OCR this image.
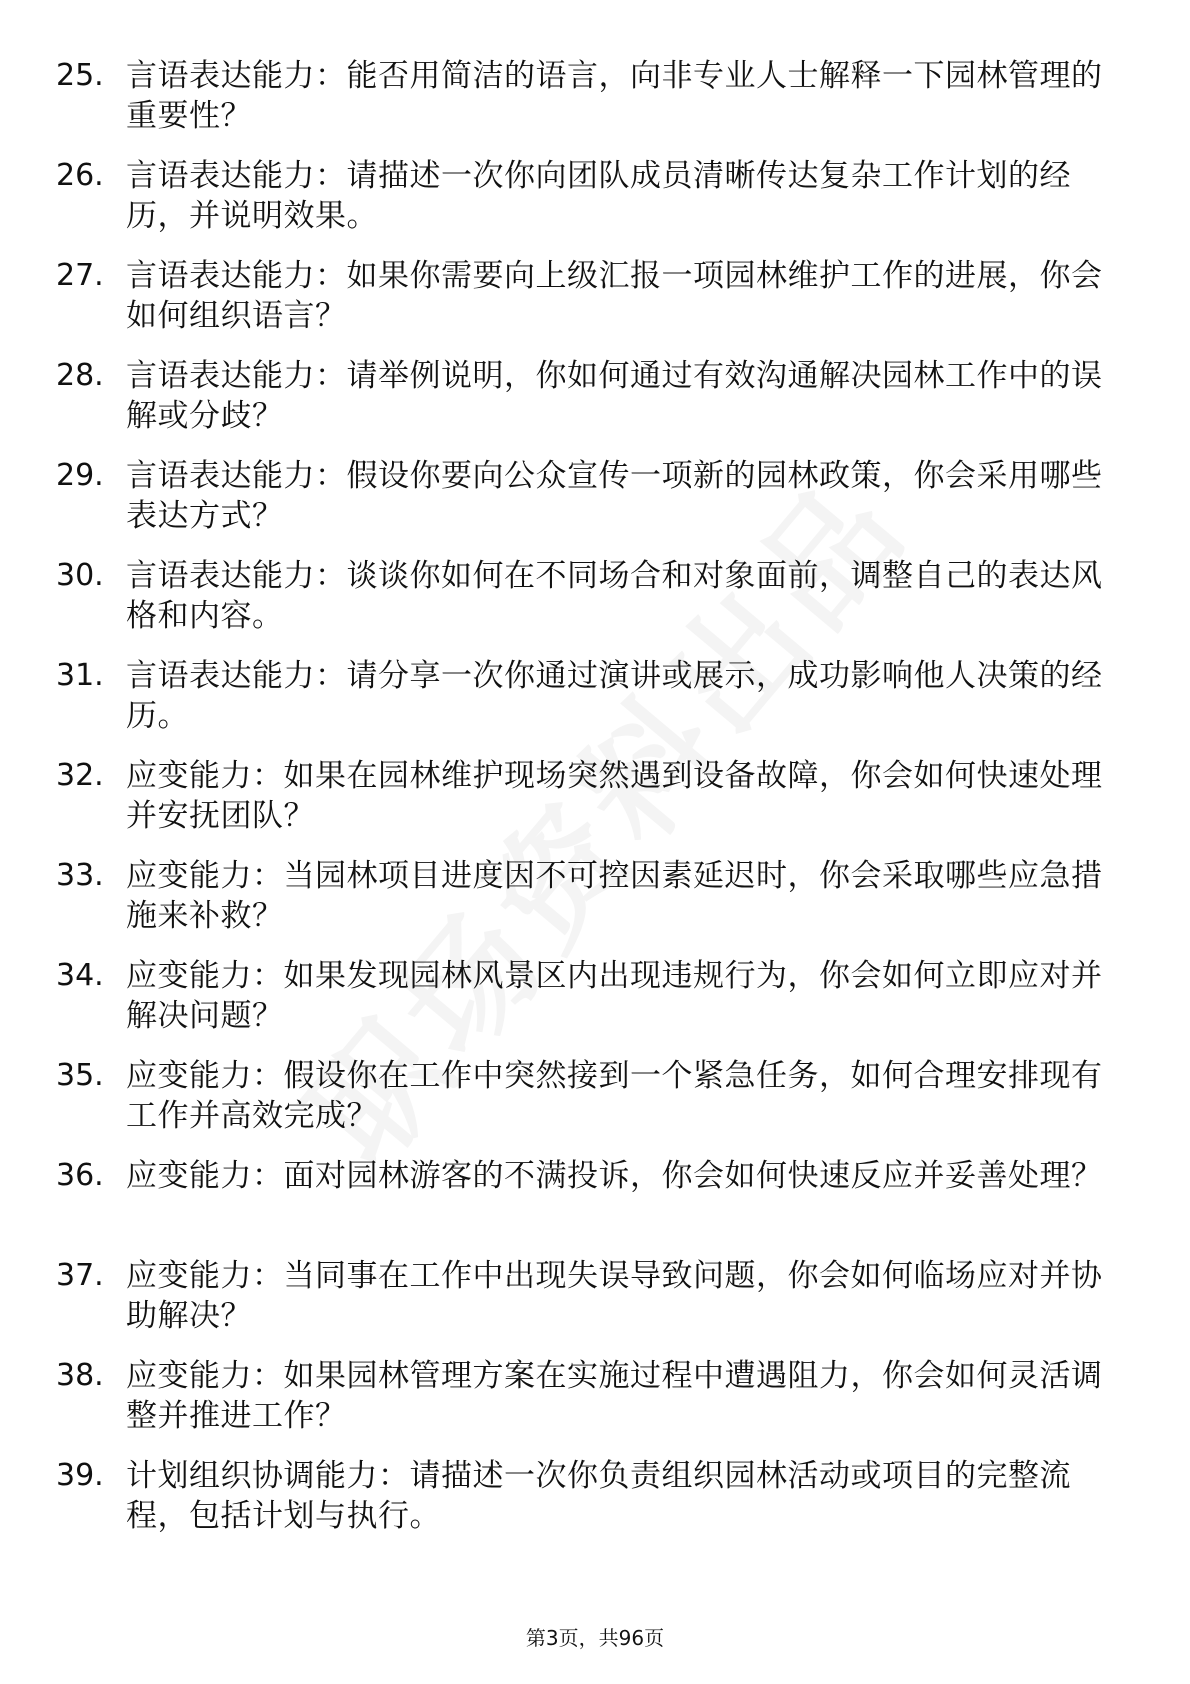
25. 言语表达能力：能否用简洁的语言，向非专业人士解释一下园林管理的重要性？
26. 言语表达能力：请描述一次你向团队成员清晰传达复杂工作计划的经历，并说明效果。
27. 言语表达能力：如果你需要向上级汇报一项园林维护工作的进展，你会如何组织语言？
28. 言语表达能力：请举例说明，你如何通过有效沟通解决园林工作中的误解或分歧？
29. 言语表达能力：假设你要向公众宣传一项新的园林政策，你会采用哪些表达方式？
30. 言语表达能力：谈谈你如何在不同场合和对象面前，调整自己的表达风格和内容。
31. 言语表达能力：请分享一次你通过演讲或展示，成功影响他人决策的经历。
32. 应变能力：如果在园林维护现场突然遇到设备故障，你会如何快速处理并安抚团队？
33. 应变能力：当园林项目进度因不可控因素延迟时，你会采取哪些应急措施来补救？
34. 应变能力：如果发现园林风景区内出现违规行为，你会如何立即应对并解决问题？
35. 应变能力：假设你在工作中突然接到一个紧急任务，如何合理安排现有工作并高效完成？
36. 应变能力：面对园林游客的不满投诉，你会如何快速反应并妥善处理？
37. 应变能力：当同事在工作中出现失误导致问题，你会如何临场应对并协助解决？
38. 应变能力：如果园林管理方案在实施过程中遭遇阻力，你会如何灵活调整并推进工作？
39. 计划组织协调能力：请描述一次你负责组织园林活动或项目的完整流程，包括计划与执行。
第3页，共96页
